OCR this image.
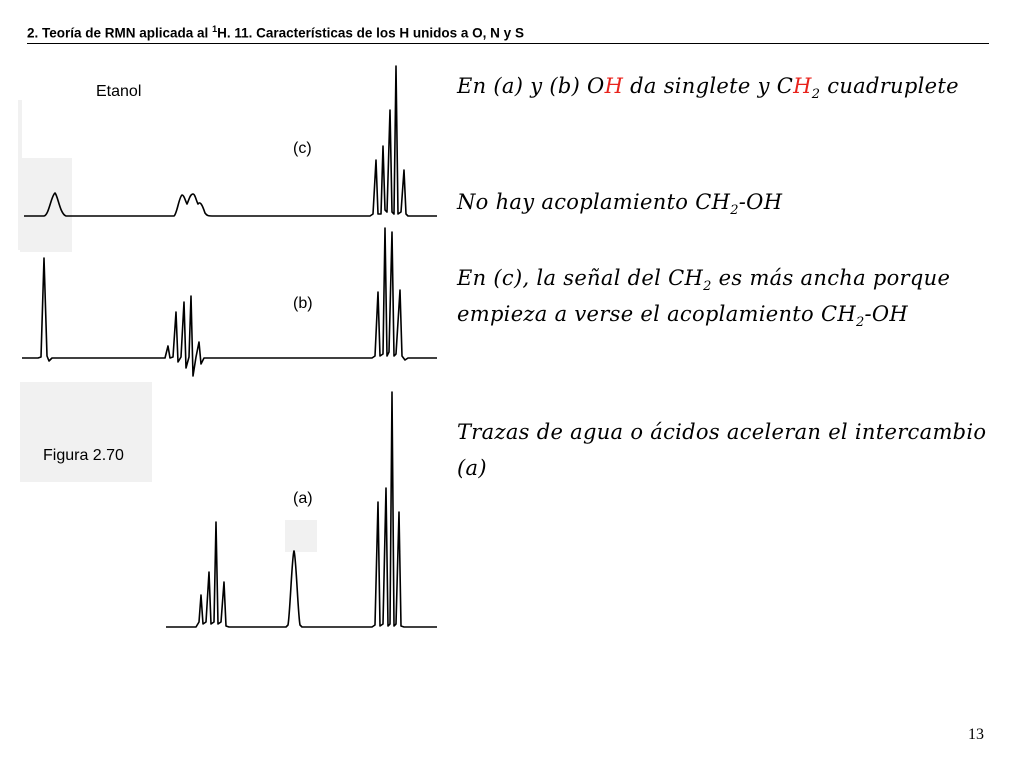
2. Teoría de RMN aplicada al $^1$H. 11. Características de los H unidos a O, N y S
Etanol
(c)
(b)
Figura 2.70
(a)
En (a) y (b) OH da singlete y $CH_2$ cuadruplete
No hay acoplamiento $CH_2-OH$
En (c), la señal del $CH_2$ es más ancha porque empieza a verse el acoplamiento $CH_2-OH$
Trazas de agua o ácidos aceleran el intercambio (a)
13
